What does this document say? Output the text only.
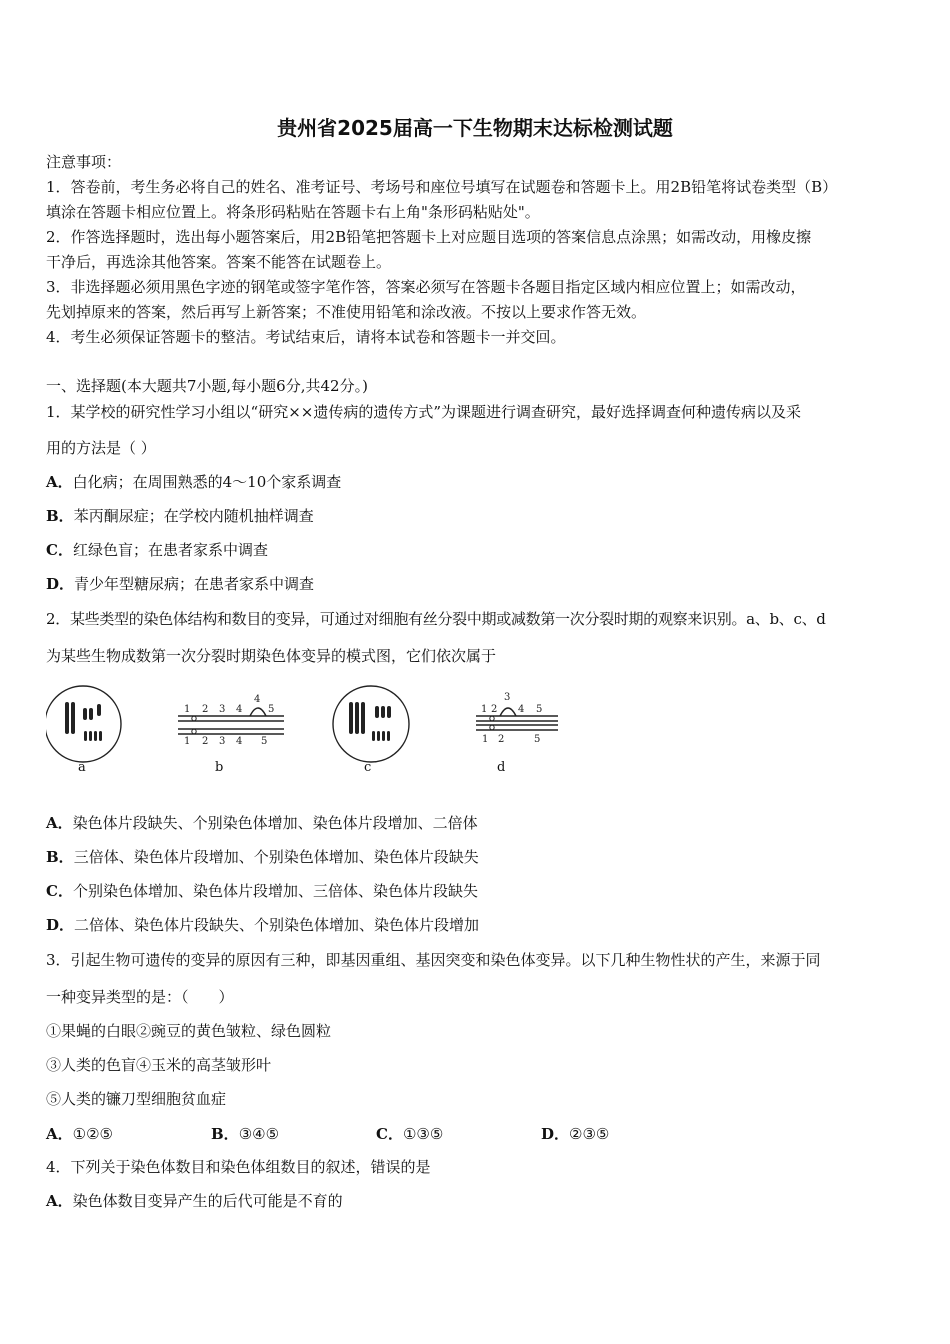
贵州省2025届高一下生物期末达标检测试题
注意事项：
1．答卷前，考生务必将自己的姓名、准考证号、考场号和座位号填写在试题卷和答题卡上。用2B铅笔将试卷类型（B）
填涂在答题卡相应位置上。将条形码粘贴在答题卡右上角"条形码粘贴处"。
2．作答选择题时，选出每小题答案后，用2B铅笔把答题卡上对应题目选项的答案信息点涂黑；如需改动，用橡皮擦
干净后，再选涂其他答案。答案不能答在试题卷上。
3．非选择题必须用黑色字迹的钢笔或签字笔作答，答案必须写在答题卡各题目指定区域内相应位置上；如需改动，
先划掉原来的答案，然后再写上新答案；不准使用铅笔和涂改液。不按以上要求作答无效。
4．考生必须保证答题卡的整洁。考试结束后，请将本试卷和答题卡一并交回。
一、选择题(本大题共7小题,每小题6分,共42分。)
1．某学校的研究性学习小组以“研究××遗传病的遗传方式”为课题进行调查研究，最好选择调查何种遗传病以及采
用的方法是（ ）
A．白化病；在周围熟悉的4～10个家系调查
B．苯丙酮尿症；在学校内随机抽样调查
C．红绿色盲；在患者家系中调查
D．青少年型糖尿病；在患者家系中调查
2．某些类型的染色体结构和数目的变异，可通过对细胞有丝分裂中期或减数第一次分裂时期的观察来识别。a、b、c、d
为某些生物成数第一次分裂时期染色体变异的模式图，它们依次属于
1 2 3 4
4
5
1 2 3 4 5
1 2
3
4 5
1 2	5
a	b	c	d
A．染色体片段缺失、个别染色体增加、染色体片段增加、二倍体
B．三倍体、染色体片段增加、个别染色体增加、染色体片段缺失
C．个别染色体增加、染色体片段增加、三倍体、染色体片段缺失
D．二倍体、染色体片段缺失、个别染色体增加、染色体片段增加
3．引起生物可遗传的变异的原因有三种，即基因重组、基因突变和染色体变异。以下几种生物性状的产生，来源于同
一种变异类型的是：（　　）
①果蝇的白眼②豌豆的黄色皱粒、绿色圆粒
③人类的色盲④玉米的高茎皱形叶
⑤人类的镰刀型细胞贫血症
A．①②⑤	B．③④⑤	C．①③⑤	D．②③⑤
4．下列关于染色体数目和染色体组数目的叙述，错误的是
A．染色体数目变异产生的后代可能是不育的
